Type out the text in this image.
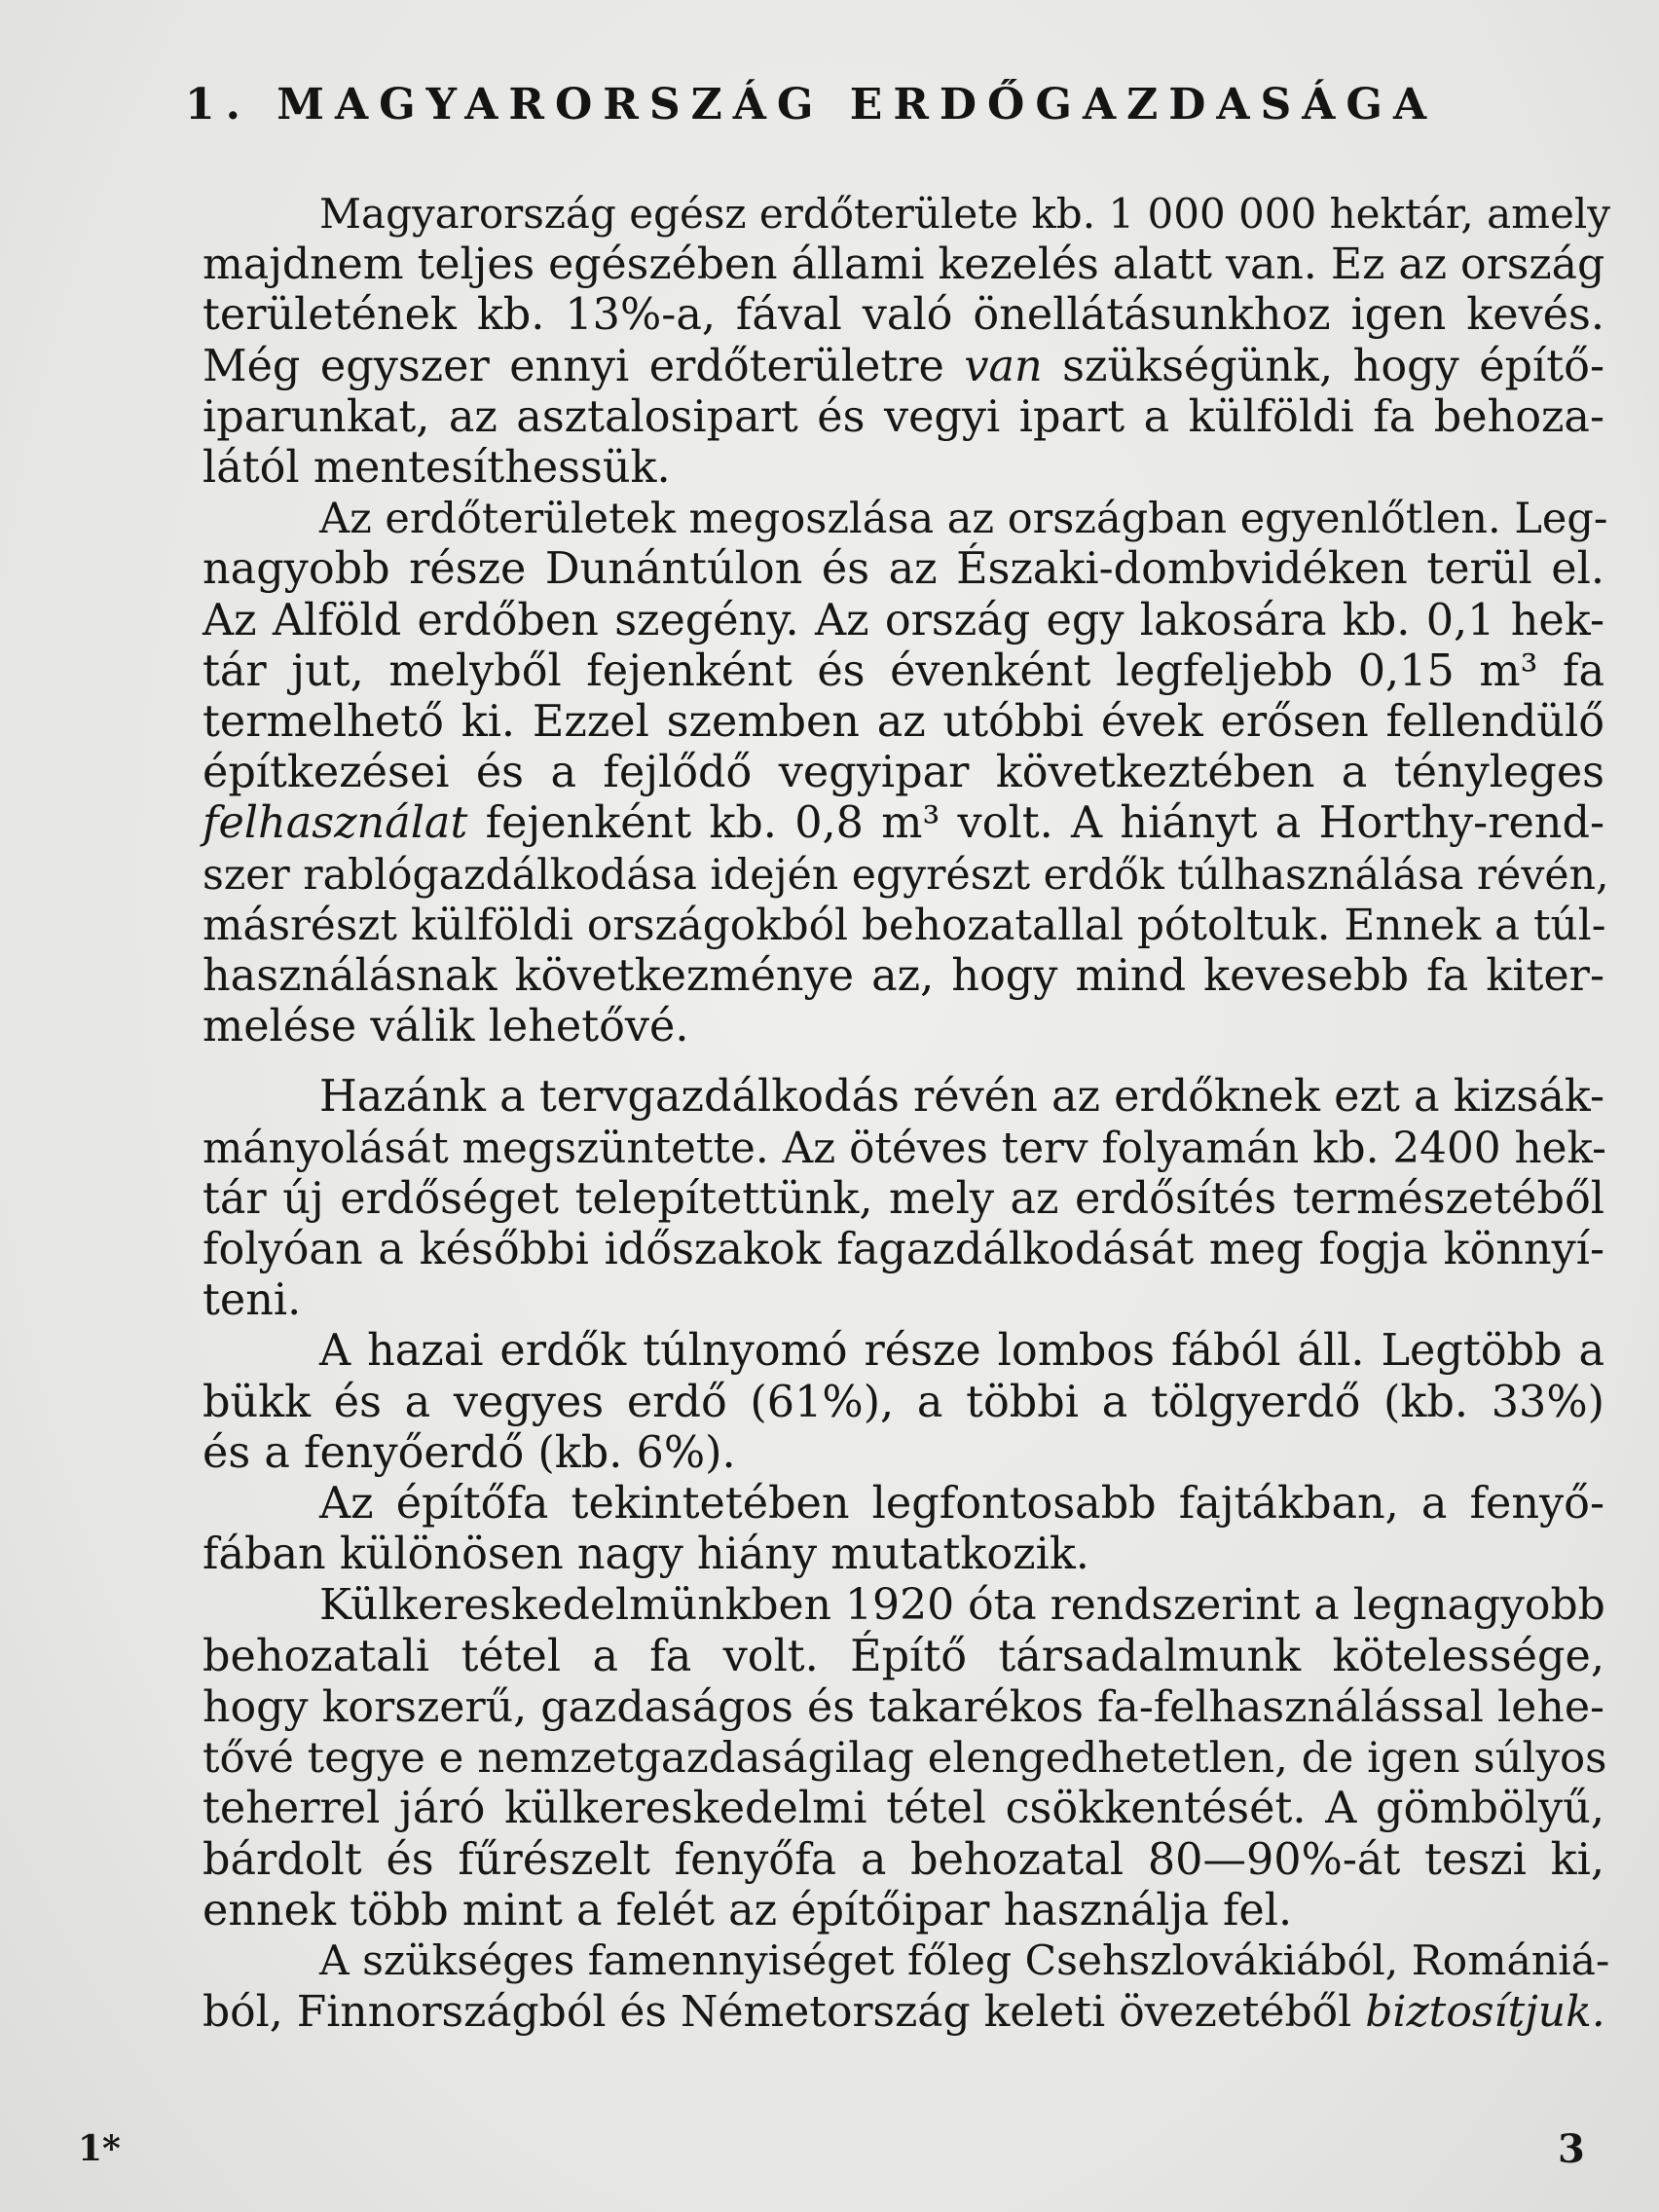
1. MAGYARORSZÁG ERDŐGAZDASÁGA
Magyarország egész erdőterülete kb. 1 000 000 hektár, amely
majdnem teljes egészében állami kezelés alatt van. Ez az ország
területének kb. 13%-a, fával való önellátásunkhoz igen kevés.
Még egyszer ennyi erdőterületre van szükségünk, hogy építő-
iparunkat, az asztalosipart és vegyi ipart a külföldi fa behoza-
lától mentesíthessük.
Az erdőterületek megoszlása az országban egyenlőtlen. Leg-
nagyobb része Dunántúlon és az Északi-dombvidéken terül el.
Az Alföld erdőben szegény. Az ország egy lakosára kb. 0,1 hek-
tár jut, melyből fejenként és évenként legfeljebb 0,15 m³ fa
termelhető ki. Ezzel szemben az utóbbi évek erősen fellendülő
építkezései és a fejlődő vegyipar következtében a tényleges
felhasználat fejenként kb. 0,8 m³ volt. A hiányt a Horthy-rend-
szer rablógazdálkodása idején egyrészt erdők túlhasználása révén,
másrészt külföldi országokból behozatallal pótoltuk. Ennek a túl-
használásnak következménye az, hogy mind kevesebb fa kiter-
melése válik lehetővé.
Hazánk a tervgazdálkodás révén az erdőknek ezt a kizsák-
mányolását megszüntette. Az ötéves terv folyamán kb. 2400 hek-
tár új erdőséget telepítettünk, mely az erdősítés természetéből
folyóan a későbbi időszakok fagazdálkodását meg fogja könnyí-
teni.
A hazai erdők túlnyomó része lombos fából áll. Legtöbb a
bükk és a vegyes erdő (61%), a többi a tölgyerdő (kb. 33%)
és a fenyőerdő (kb. 6%).
Az építőfa tekintetében legfontosabb fajtákban, a fenyő-
fában különösen nagy hiány mutatkozik.
Külkereskedelmünkben 1920 óta rendszerint a legnagyobb
behozatali tétel a fa volt. Építő társadalmunk kötelessége,
hogy korszerű, gazdaságos és takarékos fa-felhasználással lehe-
tővé tegye e nemzetgazdaságilag elengedhetetlen, de igen súlyos
teherrel járó külkereskedelmi tétel csökkentését. A gömbölyű,
bárdolt és fűrészelt fenyőfa a behozatal 80—90%-át teszi ki,
ennek több mint a felét az építőipar használja fel.
A szükséges famennyiséget főleg Csehszlovákiából, Romániá-
ból, Finnországból és Németország keleti övezetéből biztosítjuk.
1*	3
